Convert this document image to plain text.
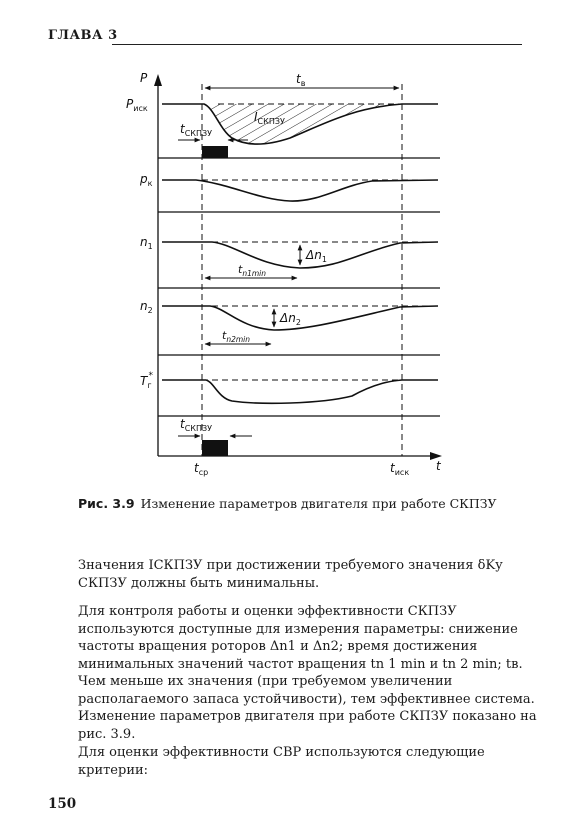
ГЛАВА 3
P
$P_{иск}$
$t_в$
$I_{СКПЗУ}$
$t_{СКПЗУ}$
$p_к$
$n_1$
$\Delta n_1$
$t_{n1min}$
$n_2$
$\Delta n_2$
$t_{n2min}$
$T_г*$
$t_{СКПЗУ}$
$t_{ср}$	$t_{иск}$ t
Рис. 3.9 Изменение параметров двигателя при работе СКПЗУ
Значения IСКПЗУ при достижении требуемого значения δKу СКПЗУ должны быть минимальны.
Для контроля работы и оценки эффективности СКПЗУ используются доступные для измерения параметры: снижение частоты вращения роторов Δn1 и Δn2; время достижения минимальных значений частот вращения tn 1 min и tn 2 min; tв. Чем меньше их значения (при требуемом увеличении располагаемого запаса устойчивости), тем эффективнее система. Изменение параметров двигателя при работе СКПЗУ показано на рис. 3.9.
Для оценки эффективности СВР используются следующие критерии:
150
